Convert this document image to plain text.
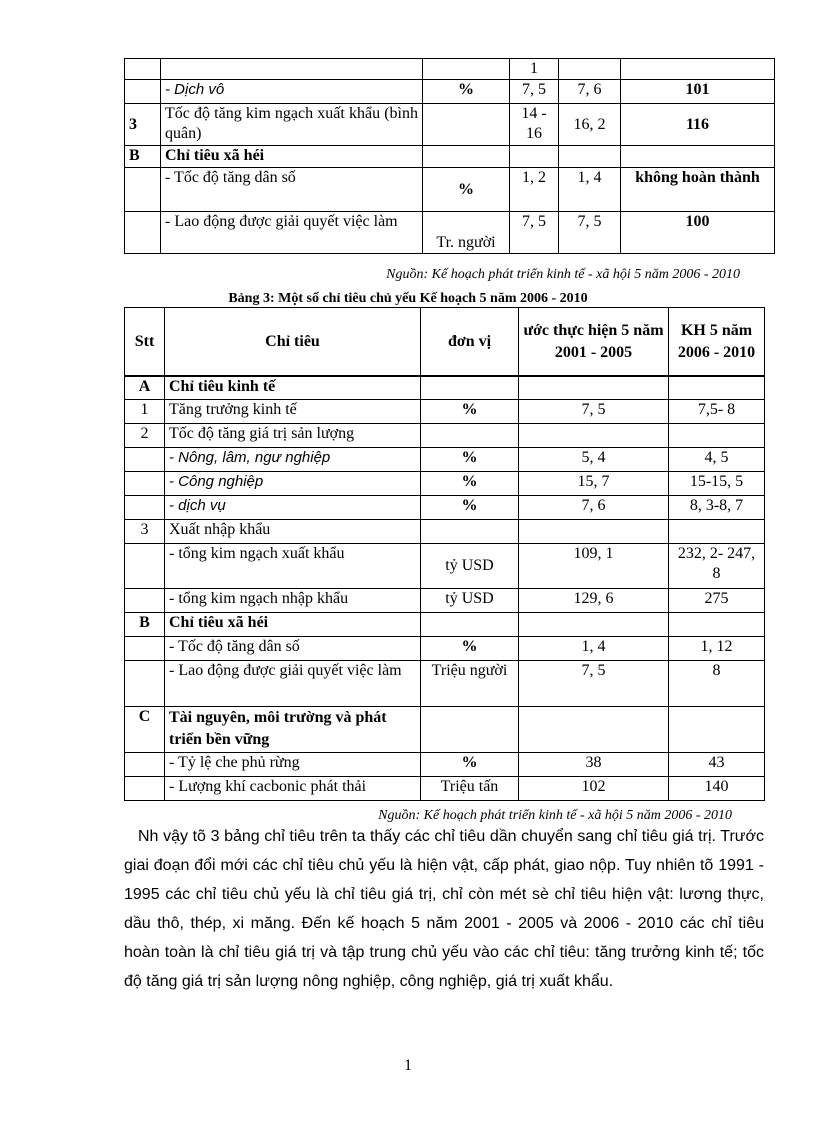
			1		
	- Dịch vô	%	7, 5	7, 6	101
3	Tốc độ tăng kim ngạch xuất khẩu (bình quân)		14 - 16	16, 2	116
B	Chỉ tiêu xã héi				
	- Tốc độ tăng dân số	%	1, 2	1, 4	không hoàn thành
	- Lao động được giải quyết việc làm	Tr. người	7, 5	7, 5	100
Nguồn: Kế hoạch phát triển kinh tế - xã hội 5 năm 2006 - 2010
Bảng 3: Một số chỉ tiêu chủ yếu Kế hoạch 5 năm 2006 - 2010
Stt	Chỉ tiêu	đơn vị	ước thực hiện 5 năm 2001 - 2005	KH 5 năm 2006 - 2010
A	Chỉ tiêu kinh tế			
1	Tăng trưởng kinh tế	%	7, 5	7,5- 8
2	Tốc độ tăng giá trị sản lượng			
	- Nông, lâm, ngư nghiệp	%	5, 4	4, 5
	- Công nghiệp	%	15, 7	15-15, 5
	- dịch vụ	%	7, 6	8, 3-8, 7
3	Xuất nhập khẩu			
	- tổng kim ngạch xuất khẩu	tỷ USD	109, 1	232, 2- 247, 8
	- tổng kim ngạch nhập khẩu	tỷ USD	129, 6	275
B	Chỉ tiêu xã héi			
	- Tốc độ tăng dân số	%	1, 4	1, 12
	- Lao động được giải quyết việc làm	Triệu người	7, 5	8
C	Tài nguyên, môi trường và phát triển bền vững			
	- Tỷ lệ che phủ rừng	%	38	43
	- Lượng khí cacbonic phát thải	Triệu tấn	102	140
Nguồn: Kế hoạch phát triển kinh tế - xã hội 5 năm 2006 - 2010

Nh vậy tõ 3 bảng chỉ tiêu trên ta thấy các chỉ tiêu dần chuyển sang chỉ tiêu giá trị. Trước giai đoạn đổi mới các chỉ tiêu chủ yếu là hiện vật, cấp phát, giao nộp. Tuy nhiên tõ 1991 - 1995 các chỉ tiêu chủ yếu là chỉ tiêu giá trị, chỉ còn mét sè chỉ tiêu hiện vật: lương thực, dầu thô, thép, xi măng. Đến kế hoạch 5 năm 2001 - 2005 và 2006 - 2010 các chỉ tiêu hoàn toàn là chỉ tiêu giá trị và tập trung chủ yếu vào các chỉ tiêu: tăng trưởng kinh tế; tốc độ tăng giá trị sản lượng nông nghiệp, công nghiệp, giá trị xuất khẩu.

1
